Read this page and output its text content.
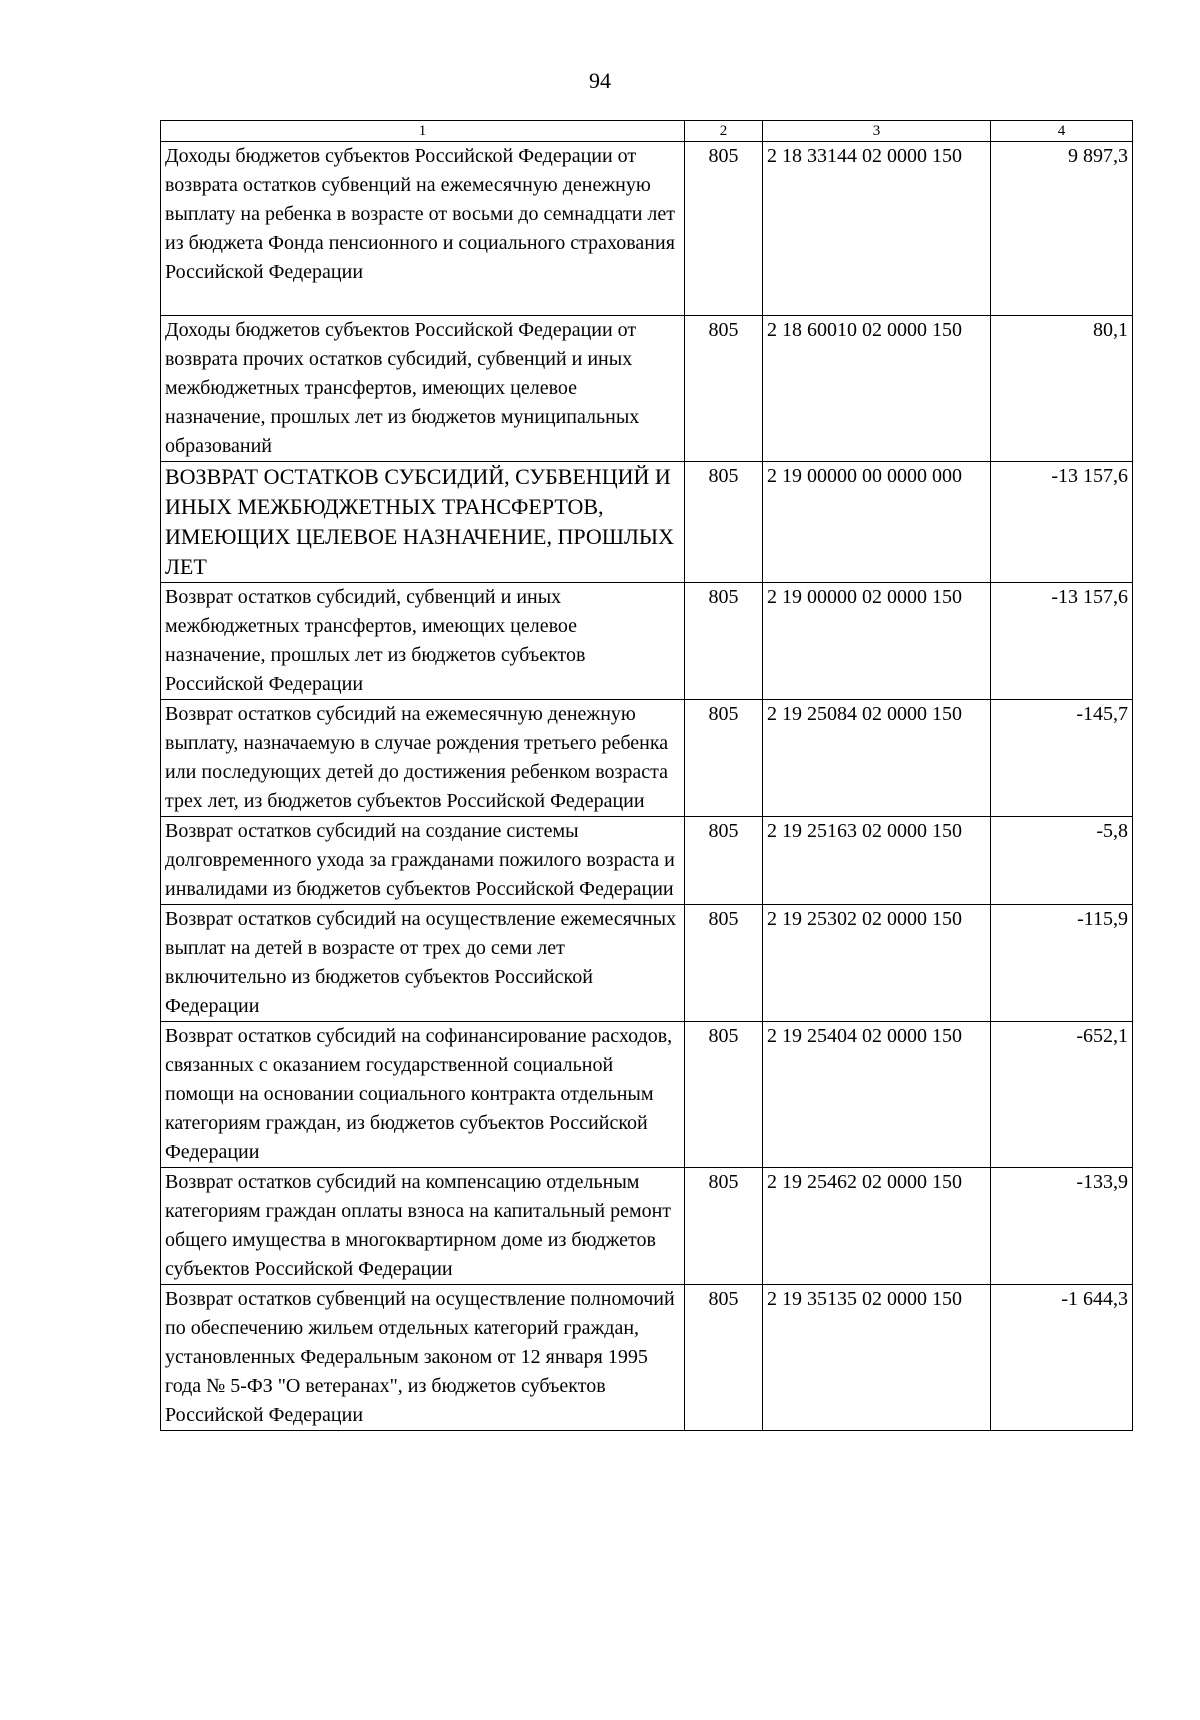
94
1	2	3	4
Доходы бюджетов субъектов Российской Федерации от возврата остатков субвенций на ежемесячную денежную выплату на ребенка в возрасте от восьми до семнадцати лет из бюджета Фонда пенсионного и социального страхования Российской Федерации	805	2 18 33144 02 0000 150	9 897,3
Доходы бюджетов субъектов Российской Федерации от возврата прочих остатков субсидий, субвенций и иных межбюджетных трансфертов, имеющих целевое назначение, прошлых лет из бюджетов муниципальных образований	805	2 18 60010 02 0000 150	80,1
ВОЗВРАТ ОСТАТКОВ СУБСИДИЙ, СУБВЕНЦИЙ И ИНЫХ МЕЖБЮДЖЕТНЫХ ТРАНСФЕРТОВ, ИМЕЮЩИХ ЦЕЛЕВОЕ НАЗНАЧЕНИЕ, ПРОШЛЫХ ЛЕТ	805	2 19 00000 00 0000 000	-13 157,6
Возврат остатков субсидий, субвенций и иных межбюджетных трансфертов, имеющих целевое назначение, прошлых лет из бюджетов субъектов Российской Федерации	805	2 19 00000 02 0000 150	-13 157,6
Возврат остатков субсидий на ежемесячную денежную выплату, назначаемую в случае рождения третьего ребенка или последующих детей до достижения ребенком возраста трех лет, из бюджетов субъектов Российской Федерации	805	2 19 25084 02 0000 150	-145,7
Возврат остатков субсидий на создание системы долговременного ухода за гражданами пожилого возраста и инвалидами из бюджетов субъектов Российской Федерации	805	2 19 25163 02 0000 150	-5,8
Возврат остатков субсидий на осуществление ежемесячных выплат на детей в возрасте от трех до семи лет включительно из бюджетов субъектов Российской Федерации	805	2 19 25302 02 0000 150	-115,9
Возврат остатков субсидий на софинансирование расходов, связанных с оказанием государственной социальной помощи на основании социального контракта отдельным категориям граждан, из бюджетов субъектов Российской Федерации	805	2 19 25404 02 0000 150	-652,1
Возврат остатков субсидий на компенсацию отдельным категориям граждан оплаты взноса на капитальный ремонт общего имущества в многоквартирном доме из бюджетов субъектов Российской Федерации	805	2 19 25462 02 0000 150	-133,9
Возврат остатков субвенций на осуществление полномочий по обеспечению жильем отдельных категорий граждан, установленных Федеральным законом от 12 января 1995 года № 5-ФЗ "О ветеранах", из бюджетов субъектов Российской Федерации	805	2 19 35135 02 0000 150	-1 644,3
